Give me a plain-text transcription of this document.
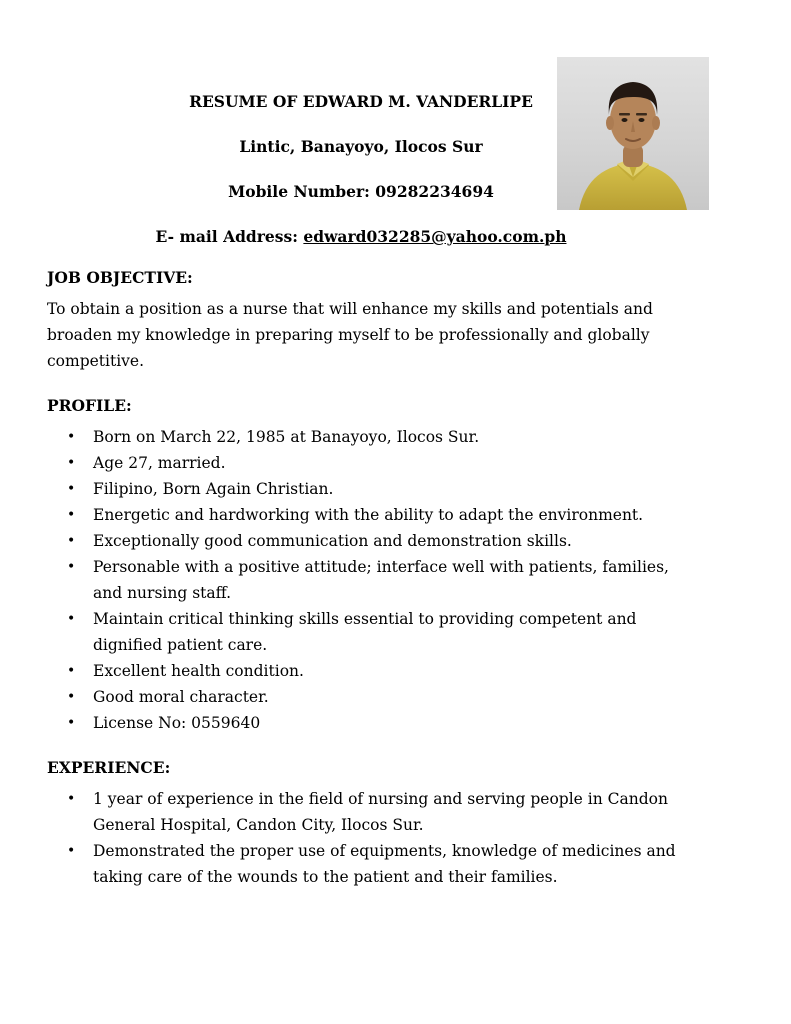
RESUME OF EDWARD M. VANDERLIPE
Lintic, Banayoyo, Ilocos Sur
Mobile Number: 09282234694
E- mail Address: edward032285@yahoo.com.ph
JOB OBJECTIVE:
To obtain a position as a nurse that will enhance my skills and potentials and broaden my knowledge in preparing myself to be professionally and globally competitive.
PROFILE:
• Born on March 22, 1985 at Banayoyo, Ilocos Sur.
• Age 27, married.
• Filipino, Born Again Christian.
• Energetic and hardworking with the ability to adapt the environment.
• Exceptionally good communication and demonstration skills.
• Personable with a positive attitude; interface well with patients, families, and nursing staff.
• Maintain critical thinking skills essential to providing competent and dignified patient care.
• Excellent health condition.
• Good moral character.
• License No: 0559640
EXPERIENCE:
• 1 year of experience in the field of nursing and serving people in Candon General Hospital, Candon City, Ilocos Sur.
• Demonstrated the proper use of equipments, knowledge of medicines and taking care of the wounds to the patient and their families.
